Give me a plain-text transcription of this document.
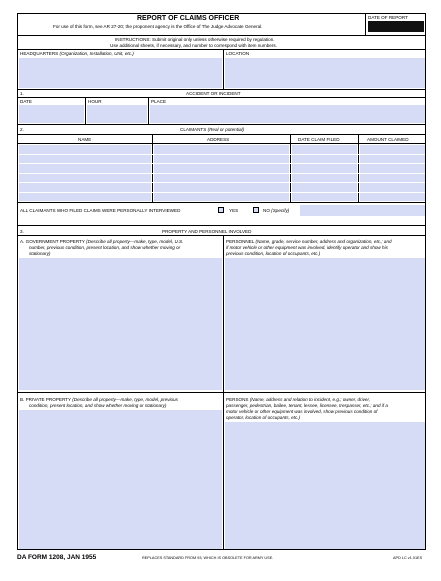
REPORT OF CLAIMS OFFICER
For use of this form, see AR 27-20; the proponent agency is the Office of The Judge Advocate General.
DATE OF REPORT
INSTRUCTIONS: Submit original only unless otherwise required by regulation.
Use additional sheets, if necessary, and number to correspond with item numbers.
HEADQUARTERS (Organization, Installation, Unit, etc.)	LOCATION
1.	ACCIDENT OR INCIDENT
DATE	HOUR	PLACE
2.	CLAIMANTS (Real or potential)
NAME	ADDRESS	DATE CLAIM FILED	AMOUNT CLAIMED
ALL CLAIMANTS WHO FILED CLAIMS WERE PERSONALLY INTERVIEWED	YES	NO (Specify)
3.	PROPERTY AND PERSONNEL INVOLVED
A. GOVERNMENT PROPERTY (Describe all property—make, type, model, U.S.
number, previous condition, present location, and show whether moving or
stationary)
PERSONNEL (Name, grade, service number, address and organization, etc.; and
if motor vehicle or other equipment was involved, identify operator and show his
previous condition, location of occupants, etc.)
B. PRIVATE PROPERTY (Describe all property—make, type, model, previous
condition, present location, and show whether moving or stationary)
PERSONS (Name, address and relation to incident, e.g.; owner, driver,
passenger, pedestrian, bailee, tenant, lessee, licensee, trespasser, etc.; and if a
motor vehicle or other equipment was involved, show previous condition of
operator, location of occupants, etc.)
DA FORM 1208, JAN 1955	REPLACES STANDARD FROM 93, WHICH IS OBSOLETE FOR ARMY USE.	APD LC v1.01ES
